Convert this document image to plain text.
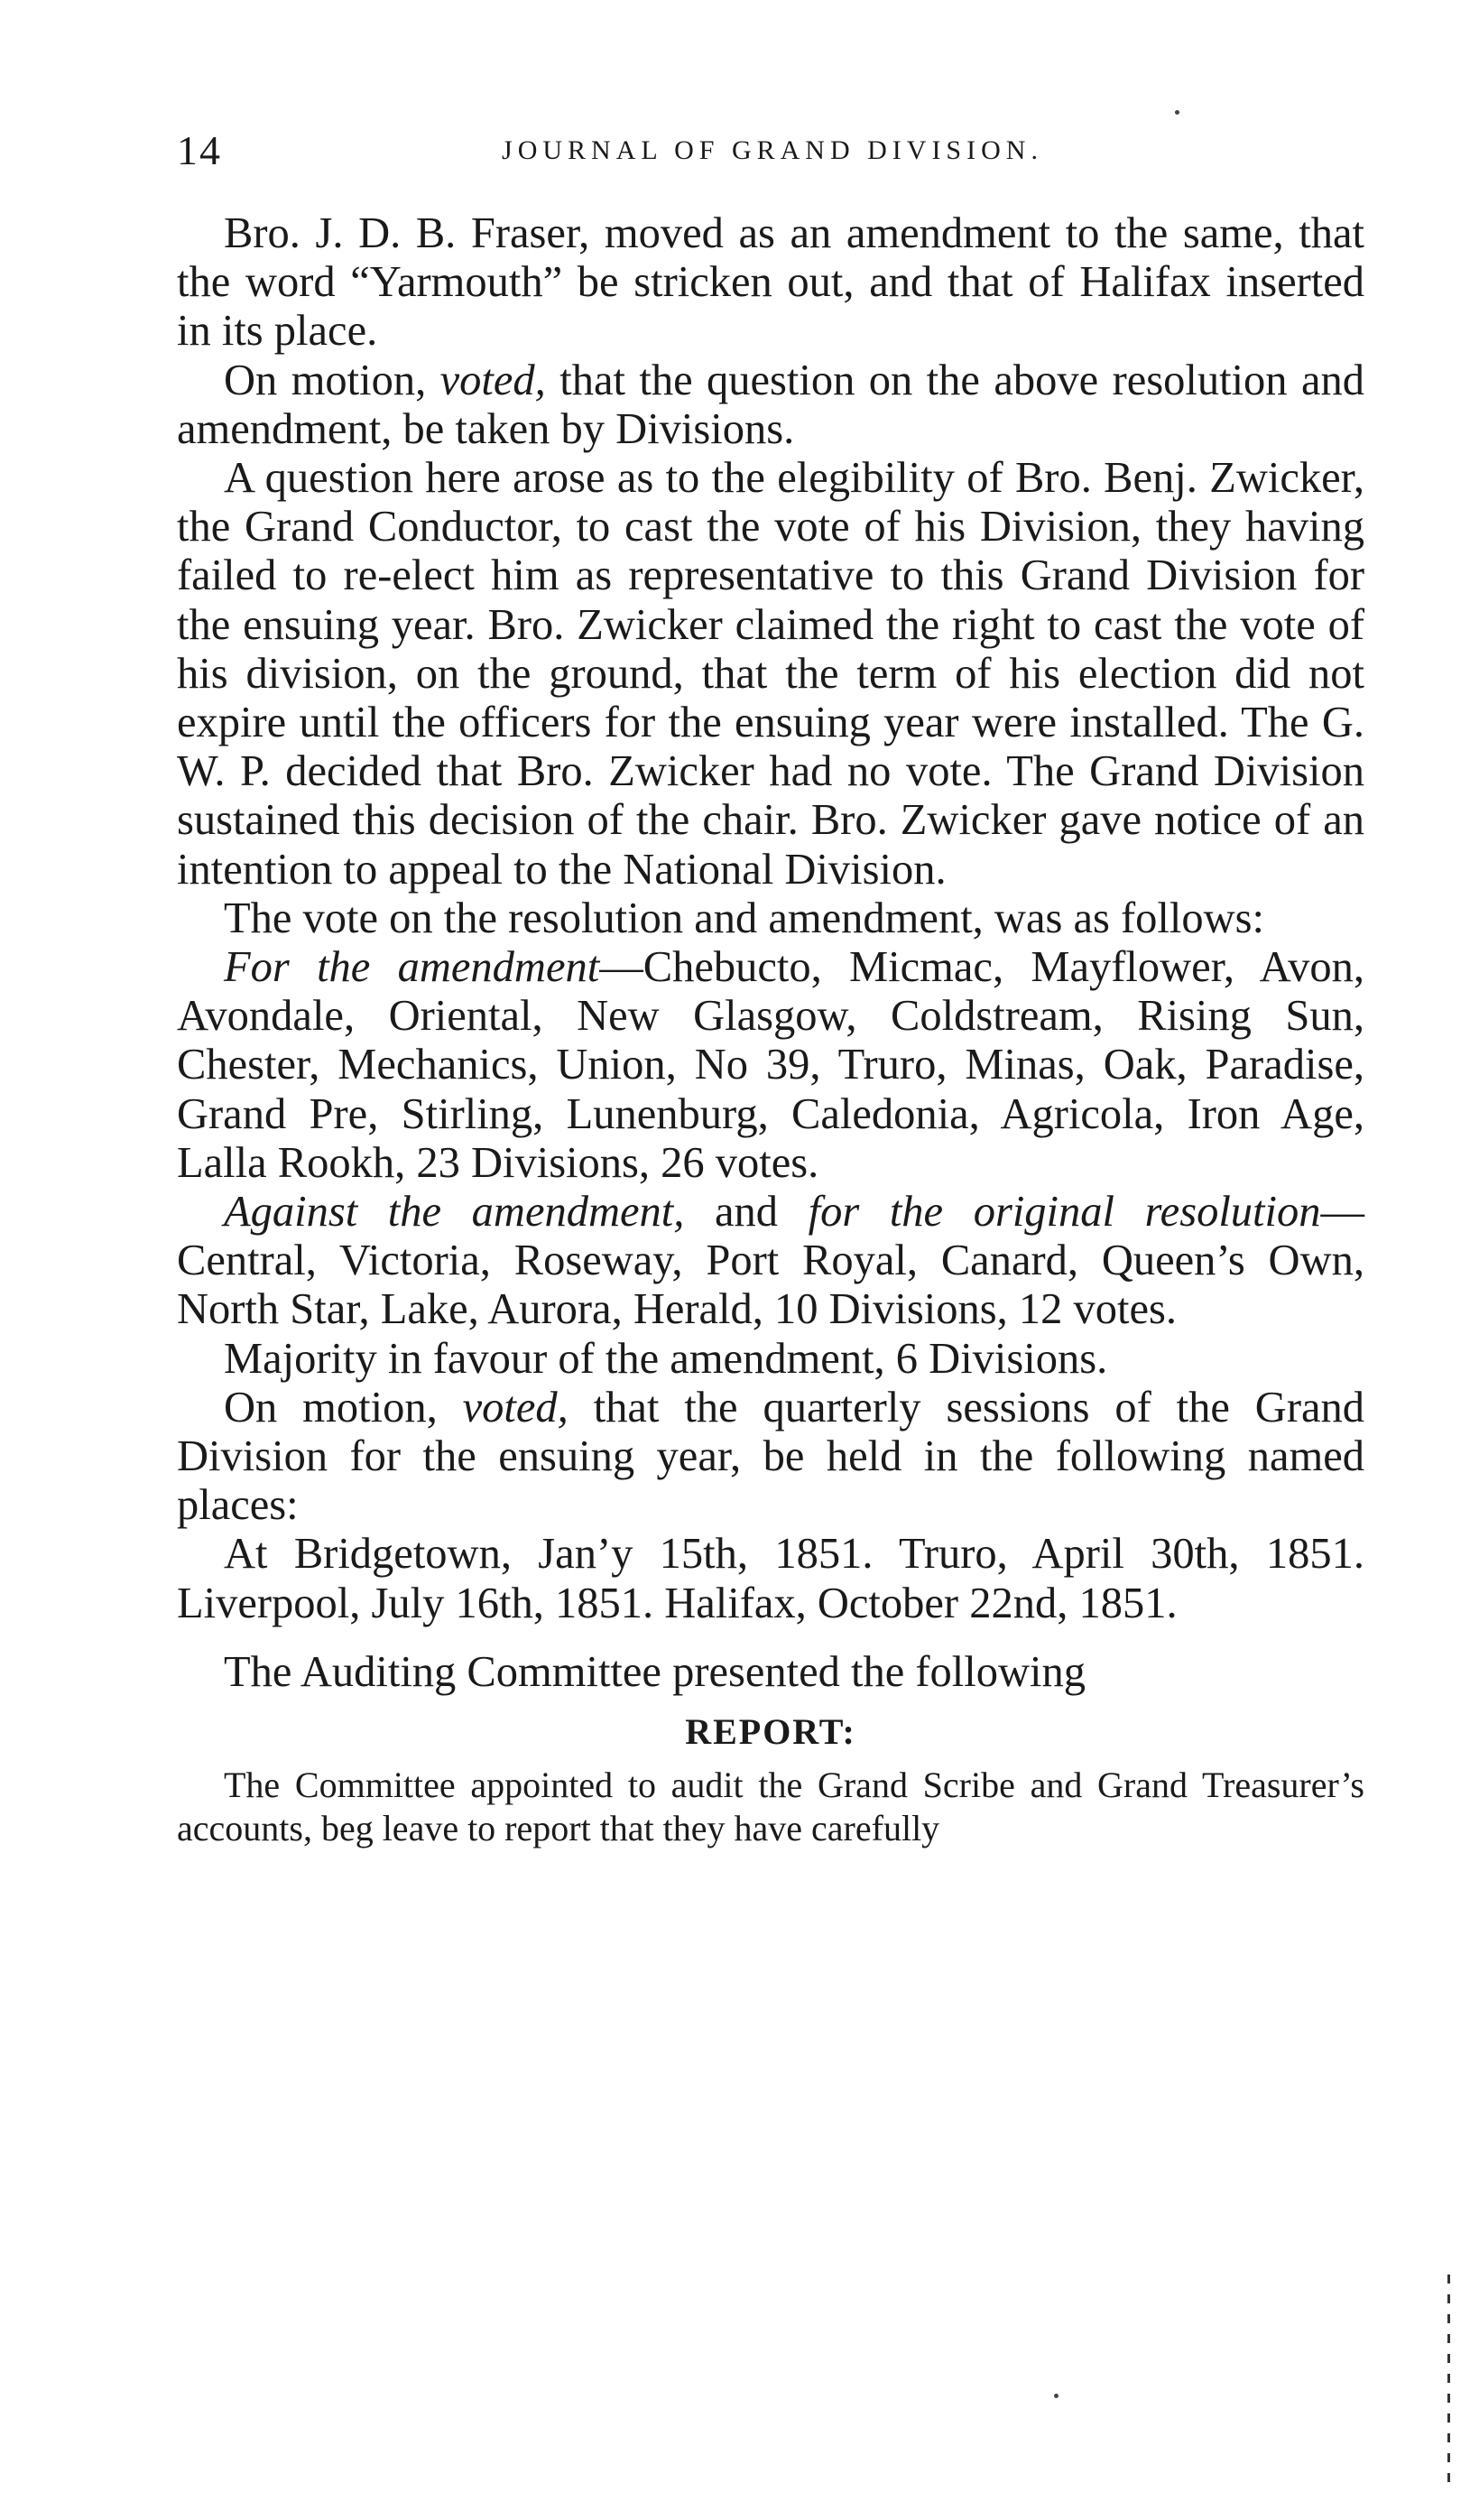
14	JOURNAL OF GRAND DIVISION.

Bro. J. D. B. Fraser, moved as an amendment to the same, that the word “Yarmouth” be stricken out, and that of Halifax inserted in its place.

On motion, voted, that the question on the above resolution and amendment, be taken by Divisions.

A question here arose as to the elegibility of Bro. Benj. Zwicker, the Grand Conductor, to cast the vote of his Division, they having failed to re-elect him as representative to this Grand Division for the ensuing year. Bro. Zwicker claimed the right to cast the vote of his division, on the ground, that the term of his election did not expire until the officers for the ensuing year were installed. The G. W. P. decided that Bro. Zwicker had no vote. The Grand Division sustained this decision of the chair. Bro. Zwicker gave notice of an intention to appeal to the National Division.

The vote on the resolution and amendment, was as follows:

For the amendment—Chebucto, Micmac, Mayflower, Avon, Avondale, Oriental, New Glasgow, Coldstream, Rising Sun, Chester, Mechanics, Union, No 39, Truro, Minas, Oak, Paradise, Grand Pre, Stirling, Lunenburg, Caledonia, Agricola, Iron Age, Lalla Rookh, 23 Divisions, 26 votes.

Against the amendment, and for the original resolution—Central, Victoria, Roseway, Port Royal, Canard, Queen’s Own, North Star, Lake, Aurora, Herald, 10 Divisions, 12 votes.

Majority in favour of the amendment, 6 Divisions.

On motion, voted, that the quarterly sessions of the Grand Division for the ensuing year, be held in the following named places:

At Bridgetown, Jan’y 15th, 1851. Truro, April 30th, 1851. Liverpool, July 16th, 1851. Halifax, October 22nd, 1851.

The Auditing Committee presented the following

REPORT:

The Committee appointed to audit the Grand Scribe and Grand Treasurer’s accounts, beg leave to report that they have carefully
